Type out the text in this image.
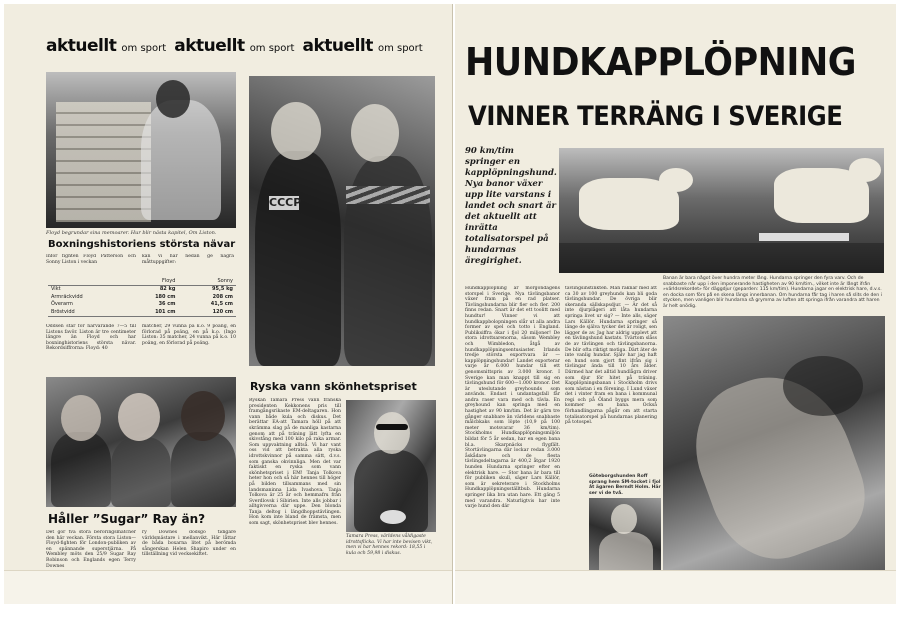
aktuellt om sport aktuellt om sport aktuellt om sport
Floyd begrundar sina memoarer. Hur blir nästa kapitel, Om Liston.
Boxningshistoriens största nävar
Inför fighten Floyd Patterson och Sonny Liston i veckan
kan vi här nedan ge några måttuppgifter:
	Floyd	Sonny
Vikt	82 kg	95,5 kg
Armräckvidd	180 cm	208 cm
Överarm	36 cm	41,5 cm
Bröstvidd	101 cm	120 cm
Oddsen står för närvarande 7—5 till Listons favör. Liston är tre centimeter längre än Floyd och har boxninghistoriens största nävar. Rekordsiffrorna: Floyd: 40
matcher, 29 vunna på k.o. 9 poäng, en förlorad på poäng, en på k.o. (Ingo Liston: 35 matcher, 24 vunna på k.o. 10 poäng, en förlorad på poäng.
CCCP
Håller ”Sugar” Ray än?
Det gör två stora beröringsmatcher den här veckan. Första stora Liston—Floyd-fighten för London-publiken av en spännande superstjärna. På Wembley möts den 25/9 Sugar Ray Robinson och Englands egen Terry Downes
ry Downes dödsgo tidigare världsmästare i mellanvikt. Här låttar de båda boxarna litet på berömda sångerskan Helen Shapiro under en tillställning vid vecksekiftet.
Ryska vann skönhetspriset
Ryskan Tamara Press vann franska presidenten Kekkonens pris till framgångsrikaste EM-deltagaren. Hon vann både kula och diskus. Det berättar EA-att Tamara höll på att skrämma slag på de manliga kastarna genom att på träning lätt lyfta en skivstång med 100 kilo på raka armar. Som uppvaktning alltså. Vi har vant oss vid att betrakta alla ryska idrottskvinnor på samma sätt, d.v.s. som ganska okvinnliga. Men det var faktiskt en ryska som vann skönhetspriset i EM! Tanja Tolkova heter hon och så här hennes till höger på bilden tillsammans med sin landsmaninna Lida Ivashova. Tanja Tolkova är 25 år och hemmafru från Sverdlovsk i Sibirien. Inte alls jobbar i alltgivverna där uppe. Den blonda Tanja deltog i längdhoppstävlingen. Hon kom inte bland de främsta, men som sagt, skönhetspriset blev hennes.
Tamara Press, världens våldigaste idrottsflicka. Vi har inte bevisen vikt, men vi har hennes rekord: 18,55 i kula och 59,98 i diskus.
HUNDKAPPLÖPNING
VINNER TERRÄNG I SVERIGE
90 km/tim springer en kapplöpningshund. Nya banor växer upp lite varstans i landet och snart är det aktuellt att inrätta totalisatorspel på hundarnas äregirighet.
Banan är bara något över hundra meter lång. Hundarna springer den fyra varv. Och de snabbaste når upp i den imponerande hastigheten av 90 km/tim., vilket inte är långt ifrån »världsrekordet» för däggdjur (geparden: 115 km/tim). Hundarna jagar en elektrisk hare, d.v.s. en docka som förs på en skena längs innerbanan. Om hundarna får tag i haren så slits de den i stycken, men vanligen blir hundarna så grymma av luften att springa ifrån varandra att haren är helt onödig.
Hundkapplöpning är morgondagens storspel i Sverige. Nya tävlingsbanor växer fram på en rad platser. Tävlingshundarna blir fler och fler. 200 finns redan. Snart är det ett toolitt med hundtur! Vinner vi att hundkappbolopningen slår ut alla andra former av spel och totto i England. Publiksiffra ökar i fjol 20 miljoner! De stora idrottsarenorna, såsom Wembley och Wimbledon, åtgå av hundkapplöpningsentusiaster. Irlands tredje största exportvara är — kapplöpningshundar! Landet exporterar varje år 6.000 hundar till ett genomsnittspris av 3.000 kronor. I Sverige kan man knappt till sig en tävlingshund för 600—1.000 kronor. Det är uteslutande greyhounds som används. Endast i undantagsfall får andra raser vara med och tävla. En greyhound kan springa med en hastighet av 90 km/tim. Det är gärn tre gånger snabbare än världens snabbaste målcbkaks som löpte (10,9 på 100 meter motsvarar 36 km/tim). Stockholms Hundkapplöpningsmiljön bildat för 5 år sedan, har en egen bana bl.a. Skarpnäcks flygfält. Stortävlingarna där lockar redan 3.000 åskådare och de flesta tävlingsdeltagarna är 400,2 åtgar 1920 hunden Hundarna springer efter en elektrisk hare. — Stor bana är bara till för publiken skull, säger Lars Källör, som är sekreterare i Stockholms Hundkapplöpningsställtbub. Hundarna springer lika bra utan hare. Ett gäng 5 med varandra. Naturligtvis har inte varje hund den där
tävlingsinstinkten. Man räknar med att ca 30 av 100 greyhunds kan bli goda tävlingshundar. De övriga blir skeranda sällskapsdjur. — Är det så inte djurplågeri att låta hundarna springa livet ur sig? — Inte alls, säger Lars Källör. Hundarna springer så länge de själva tycker det är roligt, sen lägger de av. Jag har aldrig upplevt att en tävlingshund kastats. Tvärtom slåss de av tävlingen och tävlingsbanorna. De blir ofta riktigt motiga. Därt äter de inte vanlig hundar. Själv har jag haft en hund som gjort fint ifrån sig i tävlingar ända till 10 års ålder. Därmed har det alltid hundlågra driver som djur för hitet på träning. Kapplöpningsbanan i Stockholm drivs som nästan i en förening. I Lund växer det i vinter fram en bana i kommunal regi och på Öland byggs mera som kommer en bana. Också förhandlingarna pågår om att starta totalisatorspel på hundarnas planering på totospel.
Göteborgshunden Roff sprang hem SM-tocket i fjol åt ägaren Berndt Holm. Här ser vi de två.
